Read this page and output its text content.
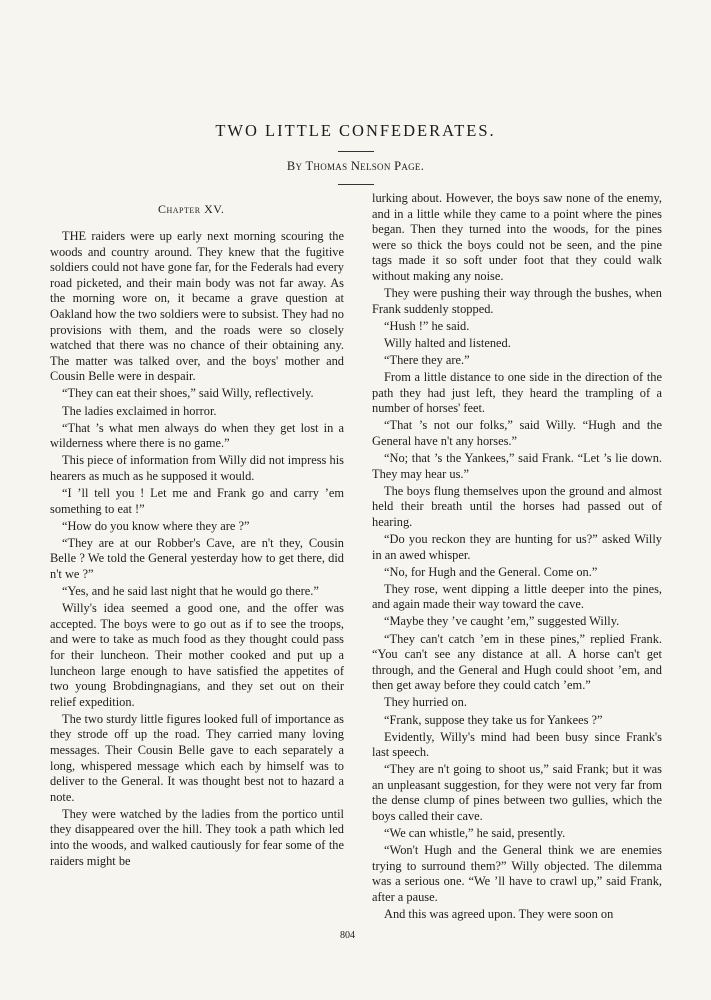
TWO LITTLE CONFEDERATES.
By Thomas Nelson Page.
Chapter XV.

THE raiders were up early next morning scouring the woods and country around. They knew that the fugitive soldiers could not have gone far, for the Federals had every road picketed, and their main body was not far away. As the morning wore on, it became a grave question at Oakland how the two soldiers were to subsist. They had no provisions with them, and the roads were so closely watched that there was no chance of their obtaining any. The matter was talked over, and the boys' mother and Cousin Belle were in despair.

“They can eat their shoes,” said Willy, reflectively.

The ladies exclaimed in horror.

“That ’s what men always do when they get lost in a wilderness where there is no game.”

This piece of information from Willy did not impress his hearers as much as he supposed it would.

“I ’ll tell you ! Let me and Frank go and carry ’em something to eat !”

“How do you know where they are ?”

“They are at our Robber's Cave, are n't they, Cousin Belle ? We told the General yesterday how to get there, did n't we ?”

“Yes, and he said last night that he would go there.”

Willy's idea seemed a good one, and the offer was accepted. The boys were to go out as if to see the troops, and were to take as much food as they thought could pass for their luncheon. Their mother cooked and put up a luncheon large enough to have satisfied the appetites of two young Brobdingnagians, and they set out on their relief expedition.

The two sturdy little figures looked full of importance as they strode off up the road. They carried many loving messages. Their Cousin Belle gave to each separately a long, whispered message which each by himself was to deliver to the General. It was thought best not to hazard a note.

They were watched by the ladies from the portico until they disappeared over the hill. They took a path which led into the woods, and walked cautiously for fear some of the raiders might be

lurking about. However, the boys saw none of the enemy, and in a little while they came to a point where the pines began. Then they turned into the woods, for the pines were so thick the boys could not be seen, and the pine tags made it so soft under foot that they could walk without making any noise.

They were pushing their way through the bushes, when Frank suddenly stopped.

“Hush !” he said.

Willy halted and listened.

“There they are.”

From a little distance to one side in the direction of the path they had just left, they heard the trampling of a number of horses' feet.

“That ’s not our folks,” said Willy. “Hugh and the General have n't any horses.”

“No; that ’s the Yankees,” said Frank. “Let ’s lie down. They may hear us.”

The boys flung themselves upon the ground and almost held their breath until the horses had passed out of hearing.

“Do you reckon they are hunting for us?” asked Willy in an awed whisper.

“No, for Hugh and the General. Come on.”

They rose, went dipping a little deeper into the pines, and again made their way toward the cave.

“Maybe they ’ve caught ’em,” suggested Willy.

“They can't catch ’em in these pines,” replied Frank. “You can't see any distance at all. A horse can't get through, and the General and Hugh could shoot ’em, and then get away before they could catch ’em.”

They hurried on.

“Frank, suppose they take us for Yankees ?”

Evidently, Willy's mind had been busy since Frank's last speech.

“They are n't going to shoot us,” said Frank; but it was an unpleasant suggestion, for they were not very far from the dense clump of pines between two gullies, which the boys called their cave.

“We can whistle,” he said, presently.

“Won't Hugh and the General think we are enemies trying to surround them?” Willy objected. The dilemma was a serious one. “We ’ll have to crawl up,” said Frank, after a pause.

And this was agreed upon. They were soon on

804
